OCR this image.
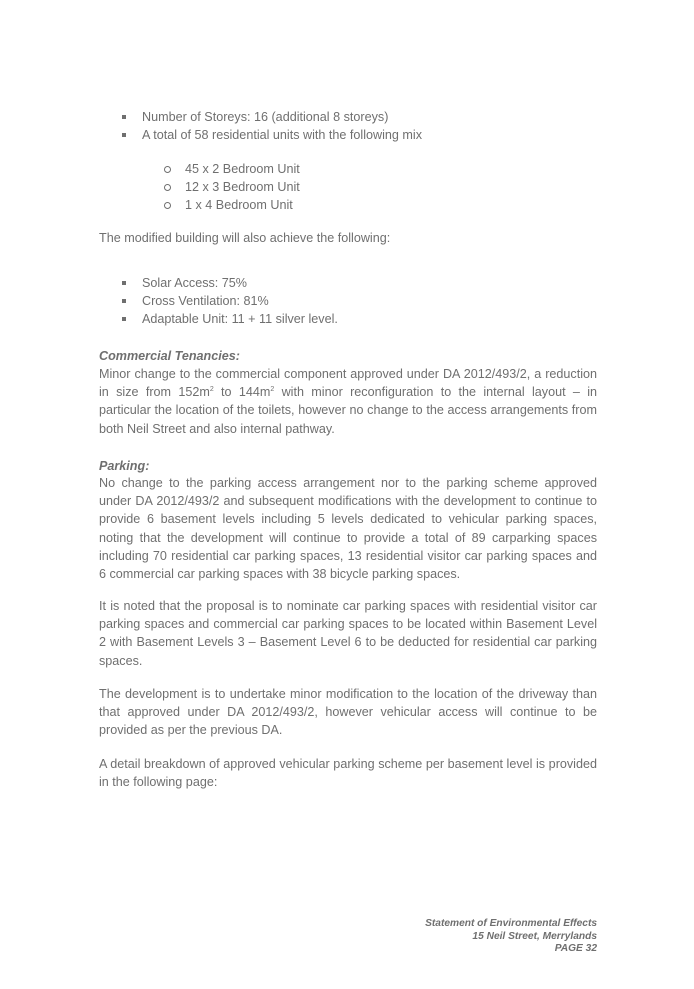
Number of Storeys: 16 (additional 8 storeys)
A total of 58 residential units with the following mix
45 x 2 Bedroom Unit
12 x 3 Bedroom Unit
1 x 4 Bedroom Unit
The modified building will also achieve the following:
Solar Access: 75%
Cross Ventilation: 81%
Adaptable Unit: 11 + 11 silver level.
Commercial Tenancies:
Minor change to the commercial component approved under DA 2012/493/2, a reduction in size from $152m^2$ to $144m^2$ with minor reconfiguration to the internal layout – in particular the location of the toilets, however no change to the access arrangements from both Neil Street and also internal pathway.
Parking:
No change to the parking access arrangement nor to the parking scheme approved under DA 2012/493/2 and subsequent modifications with the development to continue to provide 6 basement levels including 5 levels dedicated to vehicular parking spaces, noting that the development will continue to provide a total of 89 carparking spaces including 70 residential car parking spaces, 13 residential visitor car parking spaces and 6 commercial car parking spaces with 38 bicycle parking spaces.
It is noted that the proposal is to nominate car parking spaces with residential visitor car parking spaces and commercial car parking spaces to be located within Basement Level 2 with Basement Levels 3 – Basement Level 6 to be deducted for residential car parking spaces.
The development is to undertake minor modification to the location of the driveway than that approved under DA 2012/493/2, however vehicular access will continue to be provided as per the previous DA.
A detail breakdown of approved vehicular parking scheme per basement level is provided in the following page:
Statement of Environmental Effects
15 Neil Street, Merrylands
PAGE 32
